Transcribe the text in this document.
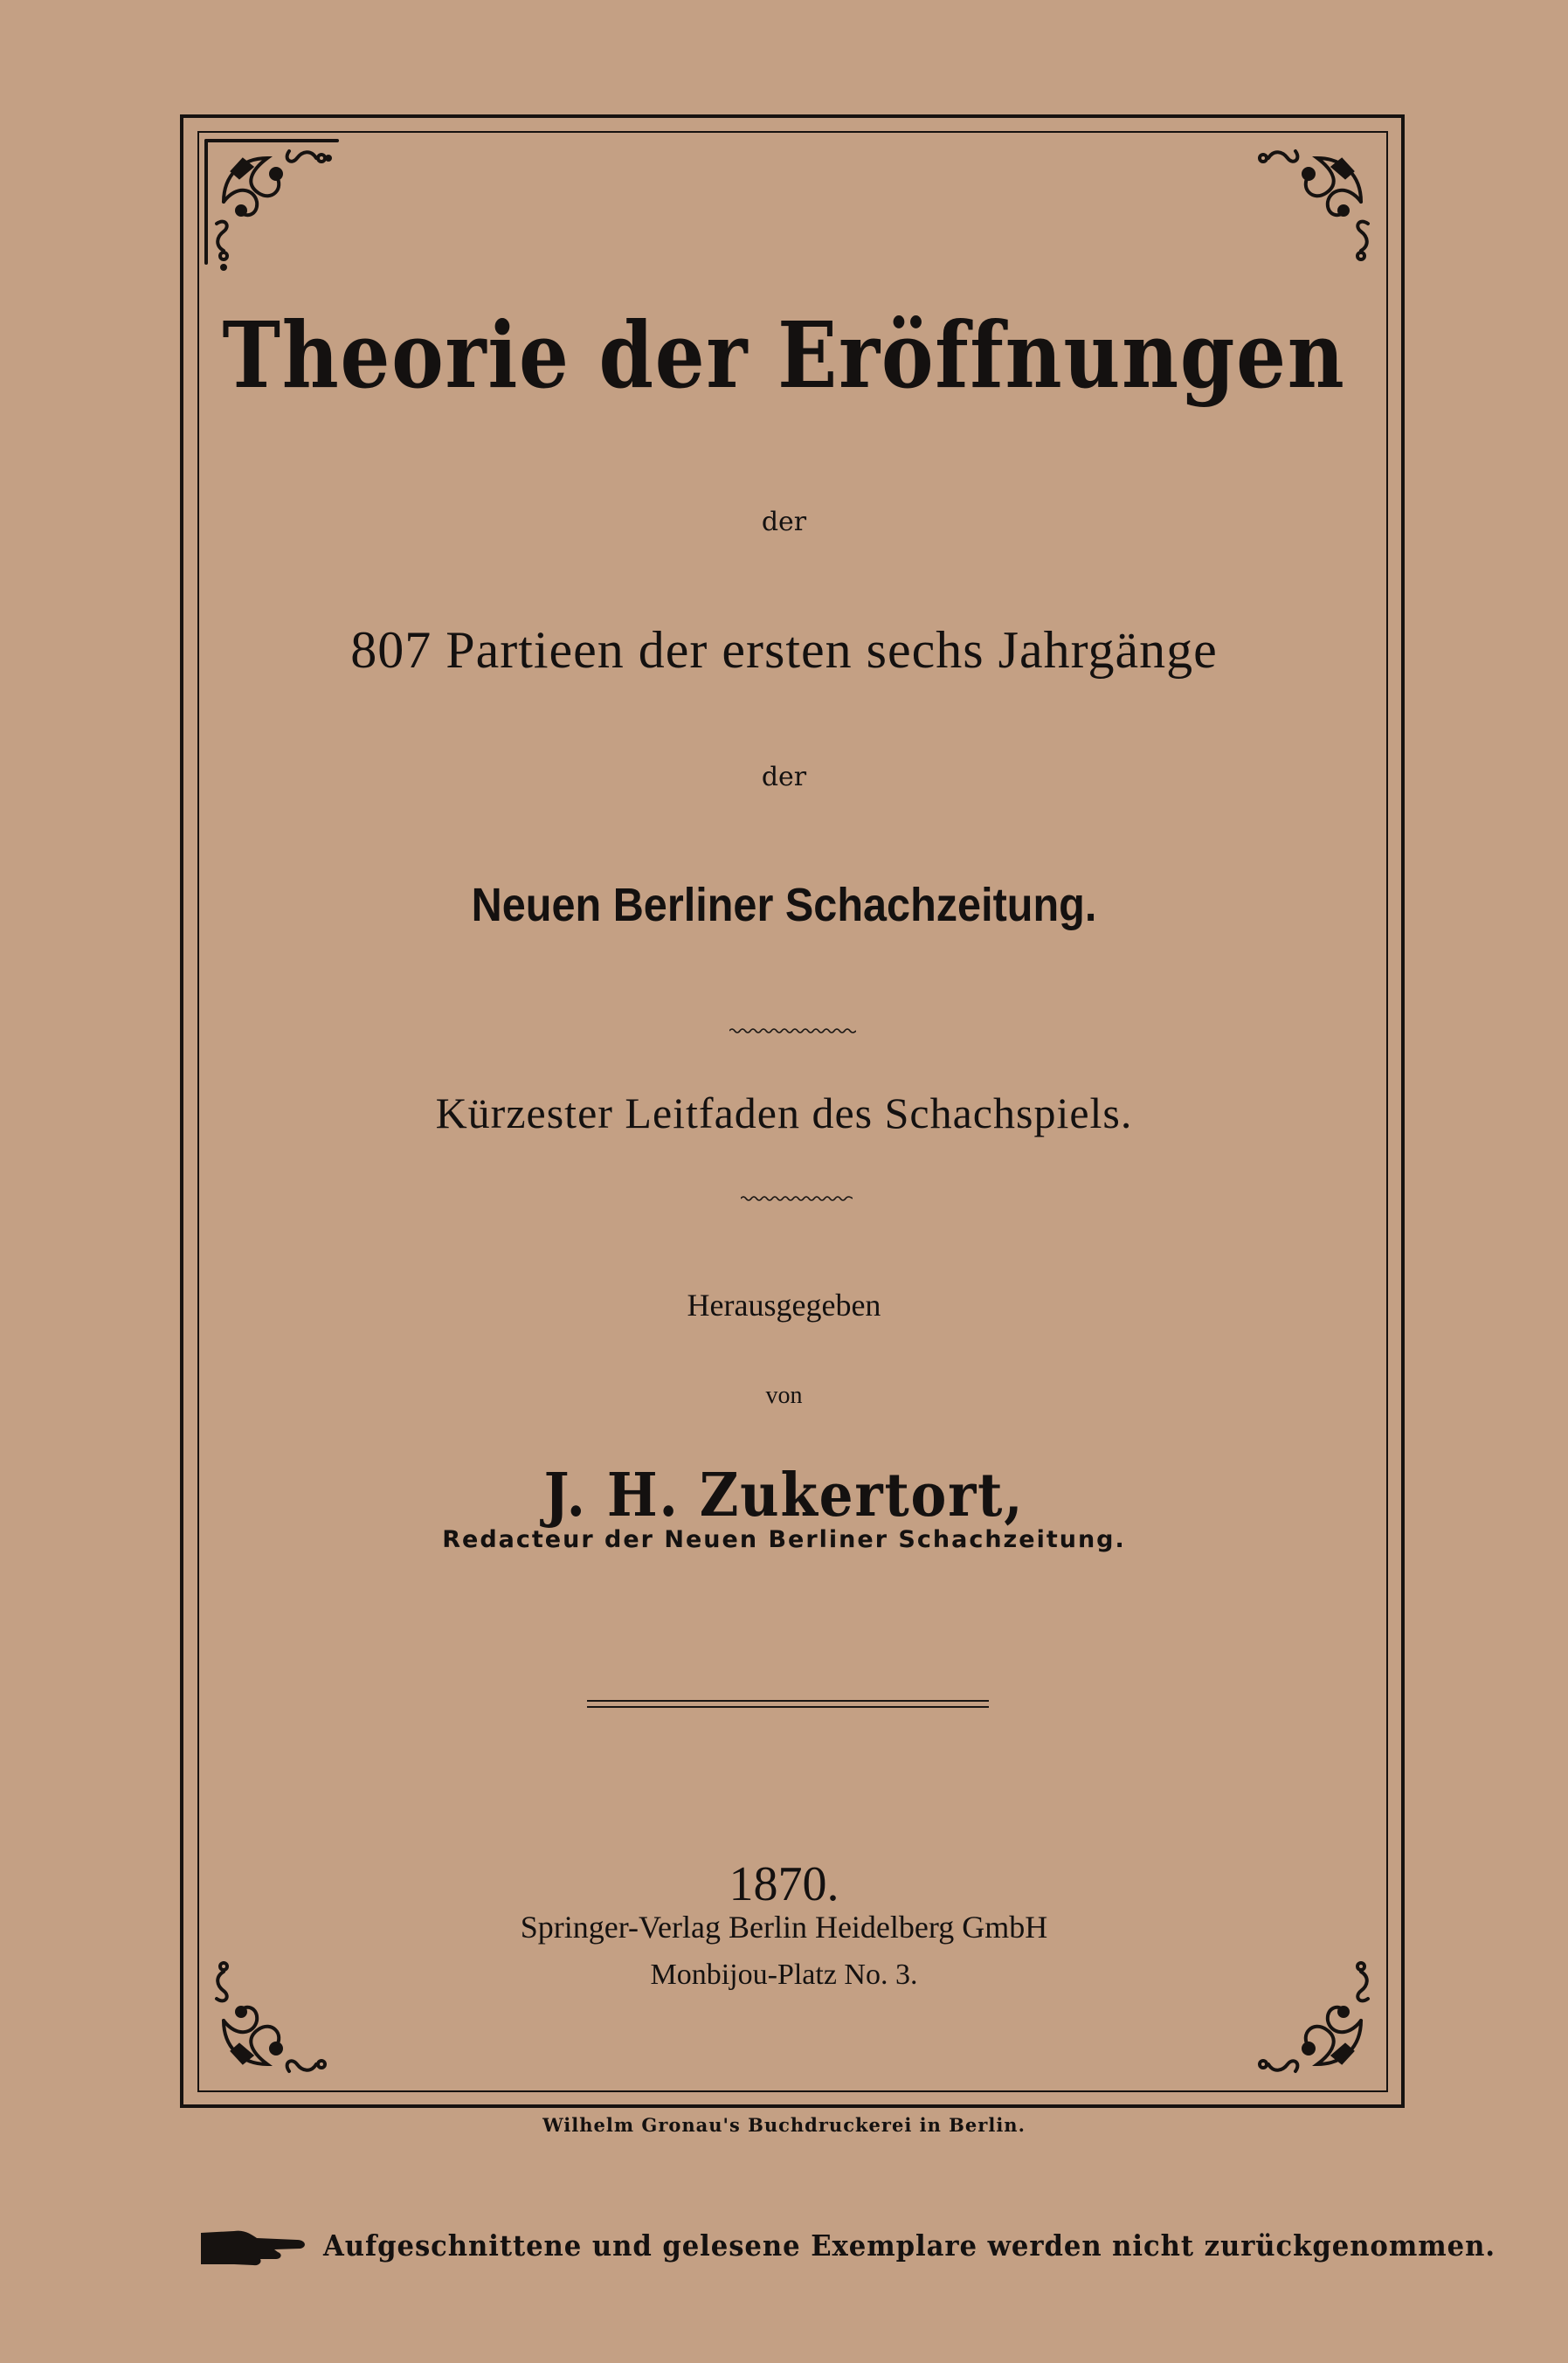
Theorie der Eröffnungen
der
807 Partieen der ersten sechs Jahrgänge
der
Neuen Berliner Schachzeitung.
Kürzester Leitfaden des Schachspiels.
Herausgegeben
von
J. H. Zukertort,
Redacteur der Neuen Berliner Schachzeitung.
1870.
Springer-Verlag Berlin Heidelberg GmbH
Monbijou-Platz No. 3.
Wilhelm Gronau's Buchdruckerei in Berlin.
Aufgeschnittene und gelesene Exemplare werden nicht zurückgenommen.
